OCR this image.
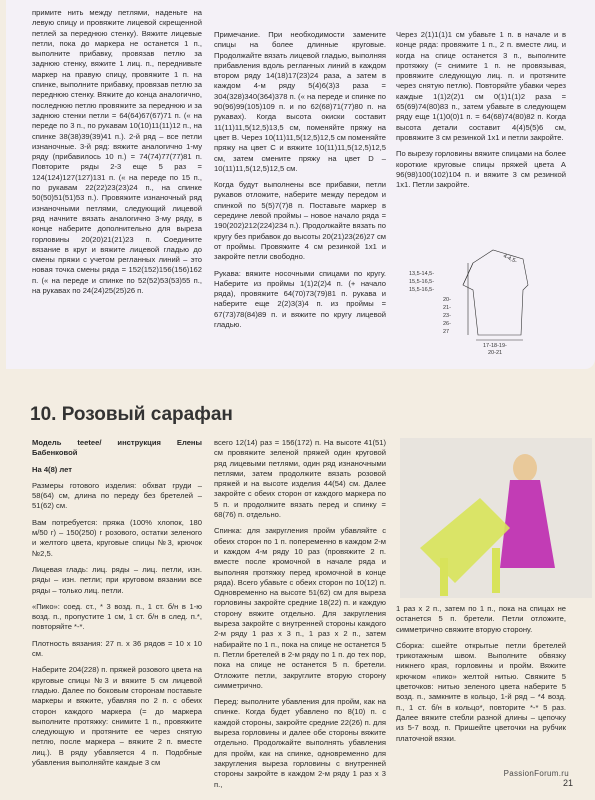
примите нить между петлями, наденьте на левую спицу и провяжите лицевой скрещенной петлей за переднюю стенку). Вяжите лицевые петли, пока до маркера не останется 1 п., выполните прибавку, провязав петлю за заднюю стенку, вяжите 1 лиц. п., переднивьте маркер на правую спицу, провяжите 1 п. на спинке, выполните прибавку, провязав петлю за переднюю стенку. Вяжите до конца аналогично, последнюю петлю провяжите за переднюю и за заднюю стенки петли = 64(64)67(67)71 п. (« на переде по 3 п., по рукавам 10(10)11(11)12 п., на спинке 38(38)39(39)41 п.). 2-й ряд – все петли изнаночные. 3-й ряд: вяжите аналогично 1-му ряду (прибавилось 10 п.) = 74(74)77(77)81 п. Повторите ряды 2-3 еще 5 раз = 124(124)127(127)131 п. (« на переде по 15 п., по рукавам 22(22)23(23)24 п., на спинке 50(50)51(51)53 п.). Провяжите изнаночный ряд изнаночными петлями, следующий лицевой ряд начните вязать аналогично 3-му ряду, в конце наберите дополнительно для выреза горловины 20(20)21(21)23 п. Соедините вязание в круг и вяжите лицевой гладью до смены пряжи с учетом регланных линий – это новая точка смены ряда = 152(152)156(156)162 п. (« на переде и спинке по 52(52)53(53)55 п., на рукавах по 24(24)25(25)26 п.

Примечание. При необходимости замените спицы на более длинные круговые. Продолжайте вязать лицевой гладью, выполняя прибавления вдоль регланных линий в каждом втором ряду 14(18)17(23)24 раза, а затем в каждом 4-м ряду 5(4)6(3)3 раза = 304(328)340(364)378 п. (« на переде и спинке по 90(96)99(105)109 п. и по 62(68)71(77)80 п. на рукавах). Когда высота окиски составит 11(11)11,5(12,5)13,5 см, поменяйте пряжу на цвет В. Через 10(11)11,5(12,5)12,5 см поменяйте пряжу на цвет С и вяжите 10(11)11,5(12,5)12,5 см, затем смените пряжу на цвет D – 10(11)11,5(12,5)12,5 см.

Когда будут выполнены все прибавки, петли рукавов отложите, наберите между передом и спинкой по 5(5)7(7)8 п. Поставьте маркер в середине левой проймы – новое начало ряда = 190(202)212(224)234 п.). Продолжайте вязать по кругу без прибавок до высоты 20(21)23(26)27 см от проймы. Провяжите 4 см резинкой 1х1 и закройте петли свободно.

Рукава: вяжите носочными спицами по кругу. Наберите из проймы 1(1)2(2)4 п. (+ начало ряда), провяжите 64(70)73(79)81 п. рукава и наберите еще 2(2)3(3)4 п. из проймы = 67(73)78(84)89 п. и вяжите по кругу лицевой гладью.

Через 2(1)1(1)1 см убавьте 1 п. в начале и в конце ряда: провяжите 1 п., 2 п. вместе лиц. и когда на спице останется 3 п., выполните протяжку (= снимите 1 п. не провязывая, провяжите следующую лиц. п. и протяните через снятую петлю). Повторяйте убавки через каждые 1(1)2(2)1 см 0(1)1(1)2 раза = 65(69)74(80)83 п., затем убавьте в следующем ряду еще 1(1)0(0)1 п. = 64(68)74(80)82 п. Когда высота детали составит 4(4)5(5)6 см, провяжите 3 см резинкой 1х1 и петли закройте.

По вырезу горловины вяжите спицами на более короткие круговые спицы пряжей цвета А 96(98)100(102)104 п. и вяжите 3 см резинкой 1х1. Петли закройте.

4-4,5-
13,5-14,5-
15,5-16,5-
15,5-16,5-
20-
21-
23-
26-
27
17-18-19-
20-21
10. Розовый сарафан

Модель teetee/ инструкция Елены Бабенковой

На 4(8) лет

Размеры готового изделия: обхват груди – 58(64) см, длина по переду без бретелей – 51(62) см.

Вам потребуется: пряжа (100% хлопок, 180 м/50 г) – 150(250) г розового, остатки зеленого и желтого цвета, круговые спицы №3, крючок №2,5.

Лицевая гладь: лиц. ряды – лиц. петли, изн. ряды – изн. петли; при круговом вязании все ряды – только лиц. петли.

«Пико»: соед. ст., * 3 возд. п., 1 ст. б/н в 1-ю возд. п., пропустите 1 см, 1 ст. б/н в след. п.*, повторяйте *-*.

Плотность вязания: 27 п. х 36 рядов = 10 х 10 см.

Наберите 204(228) п. пряжей розового цвета на круговые спицы №3 и вяжите 5 см лицевой гладью. Далее по боковым сторонам поставьте маркеры и вяжите, убавляя по 2 п. с обеих сторон каждого маркера (= до маркера выполните протяжку: снимите 1 п., провяжите следующую и протяните ее через снятую петлю, после маркера – вяжите 2 п. вместе лиц.). В ряду убавляется 4 п. Подобные убавления выполняйте каждые 3 см

всего 12(14) раз = 156(172) п. На высоте 41(51) см провяжите зеленой пряжей один круговой ряд лицевыми петлями, один ряд изнаночными петлями, затем продолжите вязать розовой пряжей и на высоте изделия 44(54) см. Далее закройте с обеих сторон от каждого маркера по 5 п. и продолжите вязать перед и спинку = 68(76) п. отдельно.

Спинка: для закругления пройм убавляйте с обеих сторон по 1 п. попеременно в каждом 2-м и каждом 4-м ряду 10 раз (провяжите 2 п. вместе после кромочной в начале ряда и выполняя протяжку перед кромочной в конце ряда). Всего убавьте с обеих сторон по 10(12) п. Одновременно на высоте 51(62) см для выреза горловины закройте средние 18(22) п. и каждую сторону вяжите отдельно. Для закругления выреза закройте с внутренней стороны каждого 2-м ряду 1 раз х 3 п., 1 раз х 2 п., затем набирайте по 1 п., пока на спице не останется 5 п. Петли бретелей в 2-м ряду по 1 п. до тех пор, пока на спице не останется 5 п. бретели. Отложите петли, закруглите вторую сторону симметрично.

Перед: выполните убавления для пройм, как на спинке. Когда будет убавлено по 8(10) п. с каждой стороны, закройте средние 22(26) п. для выреза горловины и далее обе стороны вяжите отдельно. Продолжайте выполнять убавления для пройм, как на спинке, одновременно для закругления выреза горловины с внутренней стороны закройте в каждом 2-м ряду 1 раз х 3 п.,

1 раз х 2 п., затем по 1 п., пока на спицах не останется 5 п. бретели. Петли отложите, симметрично свяжите вторую сторону.

Сборка: сшейте открытые петли бретелей трикотажным швом. Выполните обвязку нижнего края, горловины и пройм. Вяжите крючком «пико» желтой нитью. Свяжите 5 цветочков: нитью зеленого цвета наберите 5 возд. п., замкните в кольцо, 1-й ряд – *4 возд. п., 1 ст. б/н в кольцо*, повторите *-* 5 раз. Далее вяжите стебли разной длины – цепочку из 5-7 возд. п. Пришейте цветочки на рубчик платочной вязки.

PassionForum.ru
21
